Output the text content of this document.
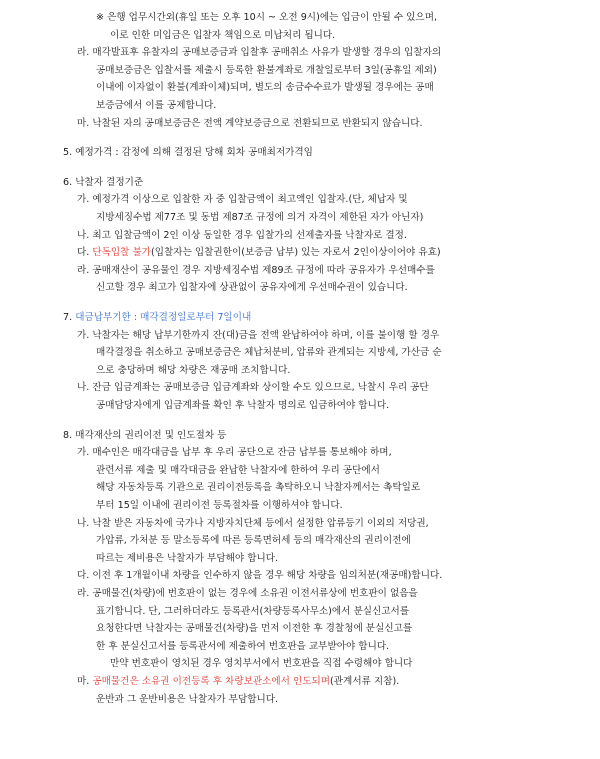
※ 은행 업무시간외(휴일 또는 오후 10시 ~ 오전 9시)에는 입금이 안될 수 있으며,
이로 인한 미입금은 입찰자 책임으로 미납처리 됩니다.
라. 매각발표후 유찰자의 공매보증금과 입찰후 공매취소 사유가 발생할 경우의 입찰자의
공매보증금은 입찰서를 제출시 등록한 환불계좌로 개찰일로부터 3일(공휴일 제외)
이내에 이자없이 환불(계좌이체)되며, 별도의 송금수수료가 발생될 경우에는 공매
보증금에서 이를 공제합니다.
마. 낙찰된 자의 공매보증금은 전액 계약보증금으로 전환되므로 반환되지 않습니다.
5. 예정가격 : 감정에 의해 결정된 당해 회차 공매최저가격임
6. 낙찰자 결정기준
가. 예정가격 이상으로 입찰한 자 중 입찰금액이 최고액인 입찰자.(단, 체납자 및
지방세징수법 제77조 및 동법 제87조 규정에 의거 자격이 제한된 자가 아닌자)
나. 최고 입찰금액이 2인 이상 동일한 경우 입찰가의 선제출자를 낙찰자로 결정.
다. 단독입찰 불가(입찰자는 입찰권한이(보증금 납부) 있는 자로서 2인이상이어야 유효)
라. 공매재산이 공유물인 경우 지방세징수법 제89조 규정에 따라 공유자가 우선매수를
신고할 경우 최고가 입찰자에 상관없이 공유자에게 우선매수권이 있습니다.
7. 대금납부기한 : 매각결정일로부터 7일이내
가. 낙찰자는 해당 납부기한까지 잔(대)금을 전액 완납하여야 하며, 이를 불이행 할 경우
매각결정을 취소하고 공매보증금은 체납처분비, 압류와 관계되는 지방세, 가산금 순
으로 충당하며 해당 차량은 재공매 조치합니다.
나. 잔금 입금계좌는 공매보증금 입금계좌와 상이할 수도 있으므로, 낙찰시 우리 공단
공매담당자에게 입금계좌를 확인 후 낙찰자 명의로 입금하여야 합니다.
8. 매각재산의 권리이전 및 인도절차 등
가. 매수인은 매각대금을 납부 후 우리 공단으로 잔금 납부를 통보해야 하며,
관련서류 제출 및 매각대금을 완납한 낙찰자에 한하여 우리 공단에서
해당 자동차등록 기관으로 권리이전등록을 촉탁하오니 낙찰자께서는 촉탁일로
부터 15일 이내에 권리이전 등록절차를 이행하셔야 합니다.
나. 낙찰 받은 자동차에 국가나 지방자치단체 등에서 설정한 압류등기 이외의 저당권,
가압류, 가처분 등 말소등록에 따른 등록면허세 등의 매각재산의 권리이전에
따르는 제비용은 낙찰자가 부담해야 합니다.
다. 이전 후 1개월이내 차량을 인수하지 않을 경우 해당 차량을 임의처분(재공매)합니다.
라. 공매물건(차량)에 번호판이 없는 경우에 소유권 이전서류상에 번호판이 없음을
표기합니다. 단, 그러하더라도 등록관서(차량등록사무소)에서 분실신고서를
요청한다면 낙찰자는 공매물건(차량)을 먼저 이전한 후 경찰청에 분실신고를
한 후 분실신고서를 등록관서에 제출하여 번호판을 교부받아야 합니다.
만약 번호판이 영치된 경우 영치부서에서 번호판을 직접 수령해야 합니다
마. 공매물건은 소유권 이전등록 후 차량보관소에서 인도되며(관계서류 지참).
운반과 그 운반비용은 낙찰자가 부담합니다.
